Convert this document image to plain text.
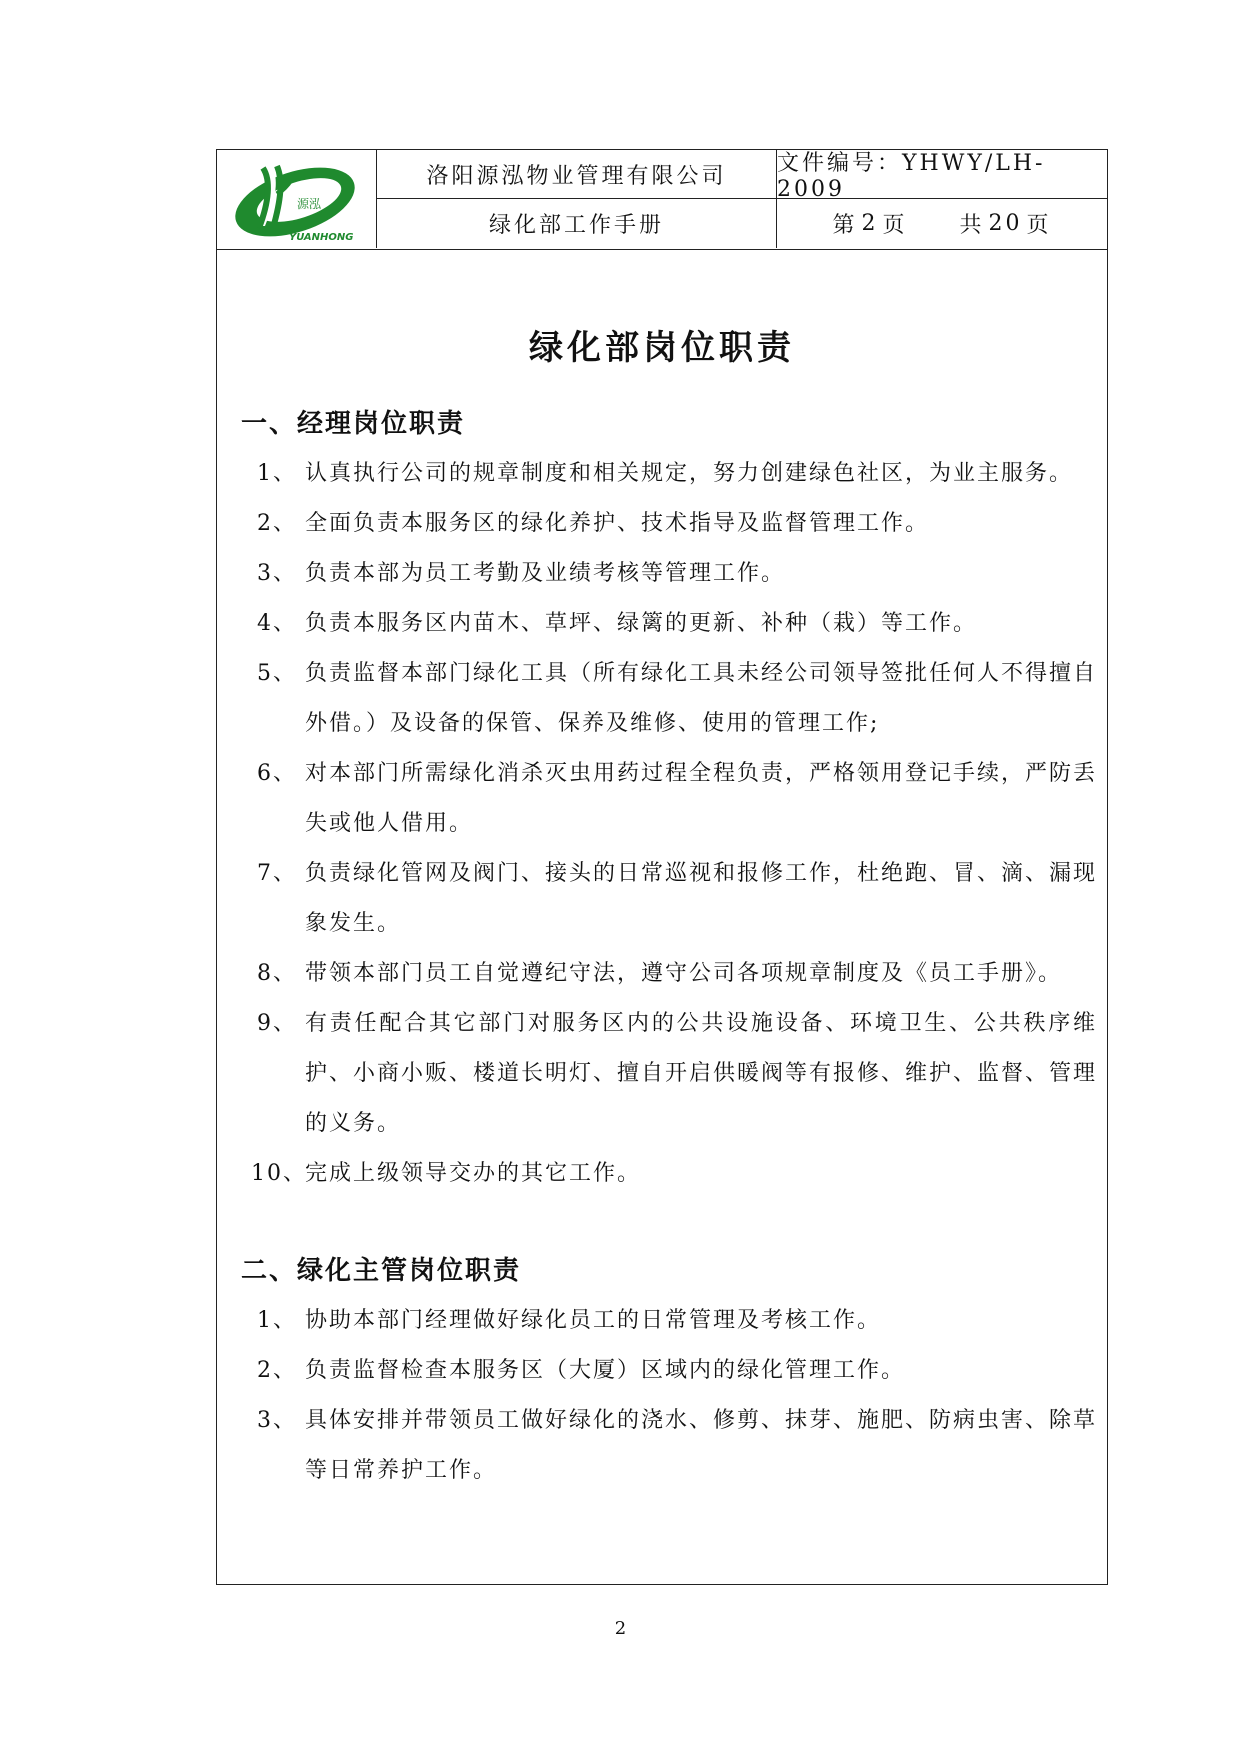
源泓
YUANHONG
洛阳源泓物业管理有限公司	文件编号：YHWY/LH-2009
绿化部工作手册	第 2 页 共 20 页
绿化部岗位职责
一、经理岗位职责
1、 认真执行公司的规章制度和相关规定，努力创建绿色社区，为业主服务。
2、 全面负责本服务区的绿化养护、技术指导及监督管理工作。
3、 负责本部为员工考勤及业绩考核等管理工作。
4、 负责本服务区内苗木、草坪、绿篱的更新、补种（栽）等工作。
5、 负责监督本部门绿化工具（所有绿化工具未经公司领导签批任何人不得擅自外借。）及设备的保管、保养及维修、使用的管理工作;
6、 对本部门所需绿化消杀灭虫用药过程全程负责，严格领用登记手续，严防丢失或他人借用。
7、 负责绿化管网及阀门、接头的日常巡视和报修工作，杜绝跑、冒、滴、漏现象发生。
8、 带领本部门员工自觉遵纪守法，遵守公司各项规章制度及《员工手册》。
9、 有责任配合其它部门对服务区内的公共设施设备、环境卫生、公共秩序维护、小商小贩、楼道长明灯、擅自开启供暖阀等有报修、维护、监督、管理的义务。
10、
完成上级领导交办的其它工作。
二、绿化主管岗位职责
1、 协助本部门经理做好绿化员工的日常管理及考核工作。
2、 负责监督检查本服务区（大厦）区域内的绿化管理工作。
3、 具体安排并带领员工做好绿化的浇水、修剪、抹芽、施肥、防病虫害、除草等日常养护工作。
2
